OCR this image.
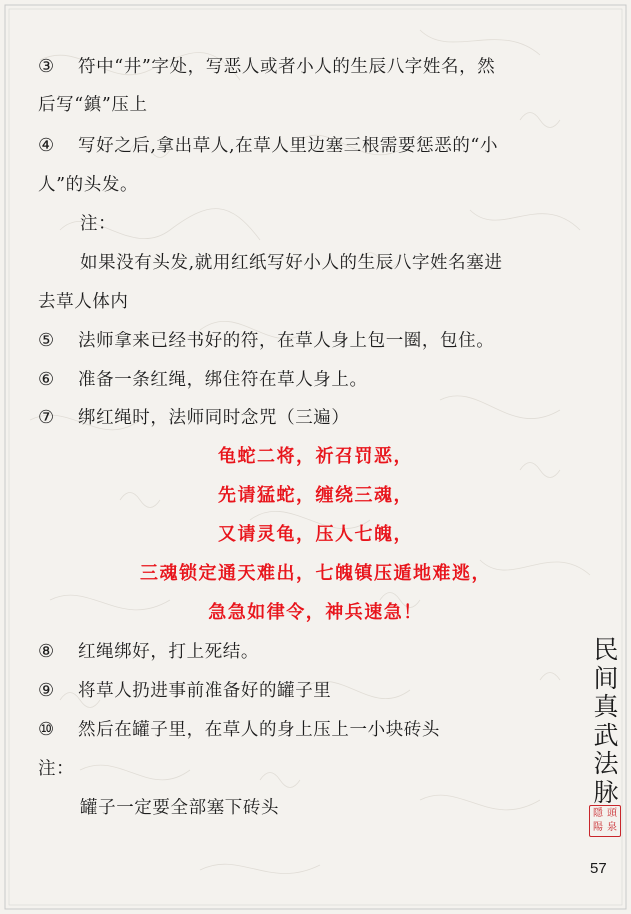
③ 符中“井”字处，写恶人或者小人的生辰八字姓名，然
后写“鎮”压上
④ 写好之后,拿出草人,在草人里边塞三根需要惩恶的“小
人”的头发。
注：
如果没有头发,就用红纸写好小人的生辰八字姓名塞进
去草人体内
⑤ 法师拿来已经书好的符，在草人身上包一圈，包住。
⑥ 准备一条红绳，绑住符在草人身上。
⑦ 绑红绳时，法师同时念咒（三遍）
龟蛇二将，祈召罚恶，
先请猛蛇，缠绕三魂，
又请灵龟，压人七魄，
三魂锁定通天难出，七魄镇压遁地难逃，
急急如律令，神兵速急！
⑧ 红绳绑好，打上死结。
⑨ 将草人扔进事前准备好的罐子里
⑩ 然后在罐子里，在草人的身上压上一小块砖头
注：
罐子一定要全部塞下砖头
民
间
真
武
法
脉
隱 頭
陽 泉
57
